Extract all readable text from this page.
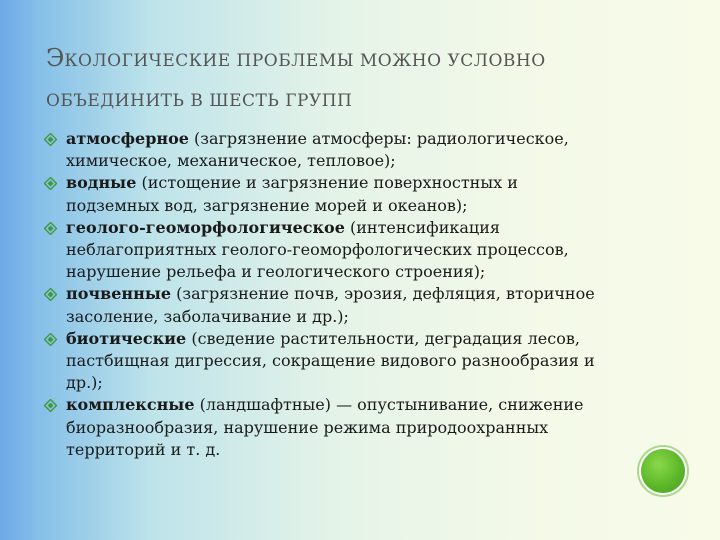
ЭКОЛОГИЧЕСКИЕ ПРОБЛЕМЫ МОЖНО УСЛОВНО
ОБЪЕДИНИТЬ В ШЕСТЬ ГРУПП
атмосферное (загрязнение атмосферы: радиологическое, химическое, механическое, тепловое);
водные (истощение и загрязнение поверхностных и подземных вод, загрязнение морей и океанов);
геолого-геоморфологическое (интенсификация неблагоприятных геолого-геоморфологических процессов, нарушение рельефа и геологического строения);
почвенные (загрязнение почв, эрозия, дефляция, вторичное засоление, заболачивание и др.);
биотические (сведение растительности, деградация лесов, пастбищная дигрессия, сокращение видового разнообразия и др.);
комплексные (ландшафтные) — опустынивание, снижение биоразнообразия, нарушение режима природоохранных территорий и т. д.
